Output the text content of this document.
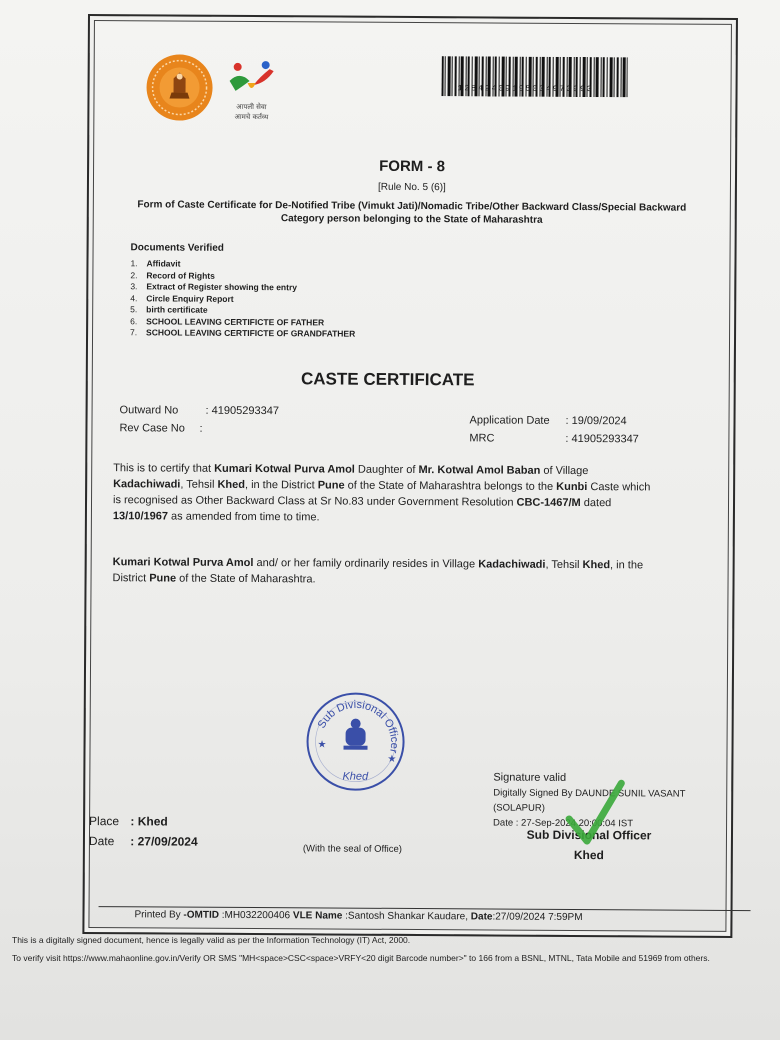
आपली सेवा
आमचे कर्तव्य
12842409195004973993
FORM - 8
[Rule No. 5 (6)]
Form of Caste Certificate for De-Notified Tribe (Vimukt Jati)/Nomadic Tribe/Other Backward Class/Special Backward Category person belonging to the State of Maharashtra
Documents Verified
1.	Affidavit
2.	Record of Rights
3.	Extract of Register showing the entry
4.	Circle Enquiry Report
5.	birth certificate
6.	SCHOOL LEAVING CERTIFICTE OF FATHER
7.	SCHOOL LEAVING CERTIFICTE OF GRANDFATHER
CASTE CERTIFICATE
Outward No : 41905293347
Rev Case No :
Application Date : 19/09/2024
MRC	: 41905293347
This is to certify that Kumari Kotwal Purva Amol Daughter of Mr. Kotwal Amol Baban of Village Kadachiwadi, Tehsil Khed, in the District Pune of the State of Maharashtra belongs to the Kunbi Caste which is recognised as Other Backward Class at Sr No.83 under Government Resolution CBC-1467/M dated 13/10/1967 as amended from time to time.
Kumari Kotwal Purva Amol and/ or her family ordinarily resides in Village Kadachiwadi, Tehsil Khed, in the District Pune of the State of Maharashtra.
Sub Divisional Officer
Khed
★
★
Signature valid
Digitally Signed By DAUNDE SUNIL VASANT
(SOLAPUR)
Date : 27-Sep-2024 20:00:04 IST
Sub Divisional Officer
Khed
Place : Khed
Date : 27/09/2024
(With the seal of Office)
Printed By -OMTID :MH032200406 VLE Name :Santosh Shankar Kaudare, Date:27/09/2024 7:59PM
This is a digitally signed document, hence is legally valid as per the Information Technology (IT) Act, 2000.
To verify visit https://www.mahaonline.gov.in/Verify OR SMS "MH<space>CSC<space>VRFY<20 digit Barcode number>" to 166 from a BSNL, MTNL, Tata Mobile and 51969 from others.
